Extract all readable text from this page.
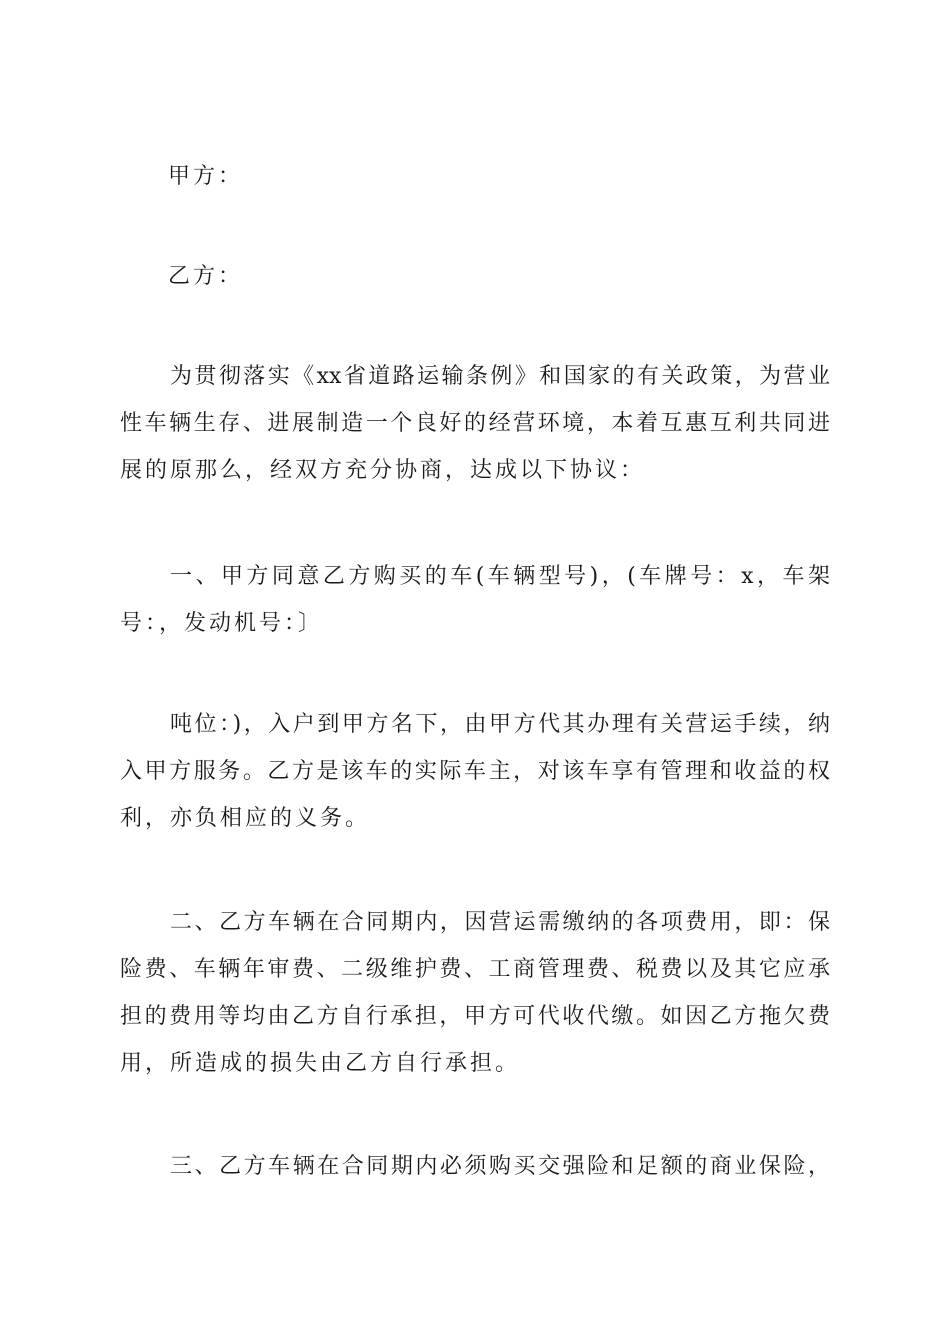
甲方：
乙方：
为贯彻落实《xx省道路运输条例》和国家的有关政策，为营业
性车辆生存、进展制造一个良好的经营环境，本着互惠互利共同进
展的原那么，经双方充分协商，达成以下协议：
一、甲方同意乙方购买的车(车辆型号)，(车牌号：x，车架
号：，发动机号：〕
吨位：)，入户到甲方名下，由甲方代其办理有关营运手续，纳
入甲方服务。乙方是该车的实际车主，对该车享有管理和收益的权
利，亦负相应的义务。
二、乙方车辆在合同期内，因营运需缴纳的各项费用，即：保
险费、车辆年审费、二级维护费、工商管理费、税费以及其它应承
担的费用等均由乙方自行承担，甲方可代收代缴。如因乙方拖欠费
用，所造成的损失由乙方自行承担。
三、乙方车辆在合同期内必须购买交强险和足额的商业保险，
